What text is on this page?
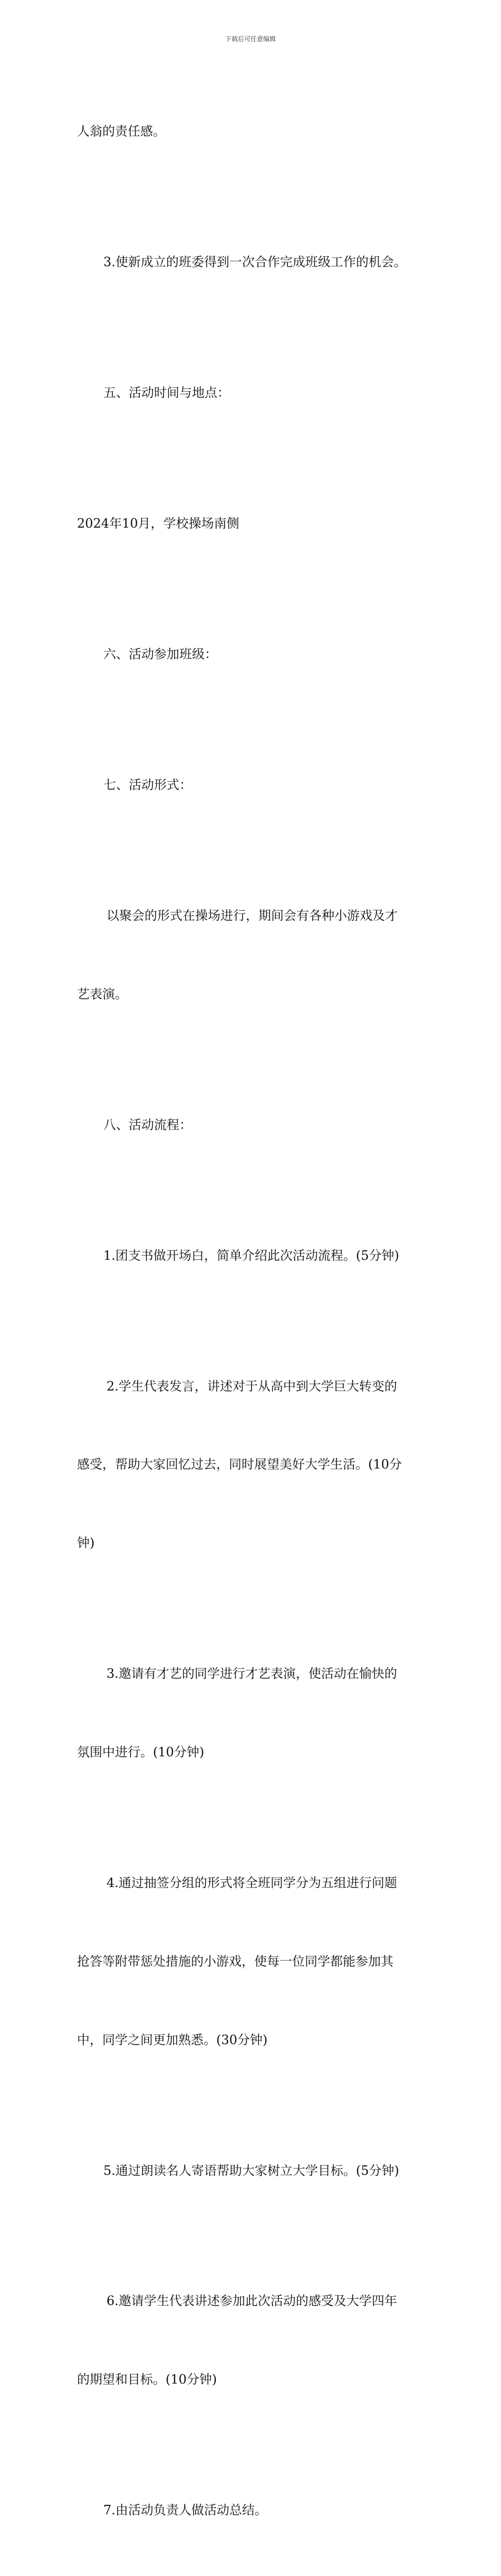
下载后可任意编辑

人翁的责任感。

3.使新成立的班委得到一次合作完成班级工作的机会。

五、活动时间与地点：

2024年10月，学校操场南侧

六、活动参加班级：

七、活动形式：

以聚会的形式在操场进行，期间会有各种小游戏及才

艺表演。

八、活动流程：

1.团支书做开场白，简单介绍此次活动流程。(5分钟)

2.学生代表发言，讲述对于从高中到大学巨大转变的

感受，帮助大家回忆过去，同时展望美好大学生活。(10分

钟)

3.邀请有才艺的同学进行才艺表演，使活动在愉快的

氛围中进行。(10分钟)

4.通过抽签分组的形式将全班同学分为五组进行问题

抢答等附带惩处措施的小游戏，使每一位同学都能参加其

中，同学之间更加熟悉。(30分钟)

5.通过朗读名人寄语帮助大家树立大学目标。(5分钟)

6.邀请学生代表讲述参加此次活动的感受及大学四年

的期望和目标。(10分钟)

7.由活动负责人做活动总结。
